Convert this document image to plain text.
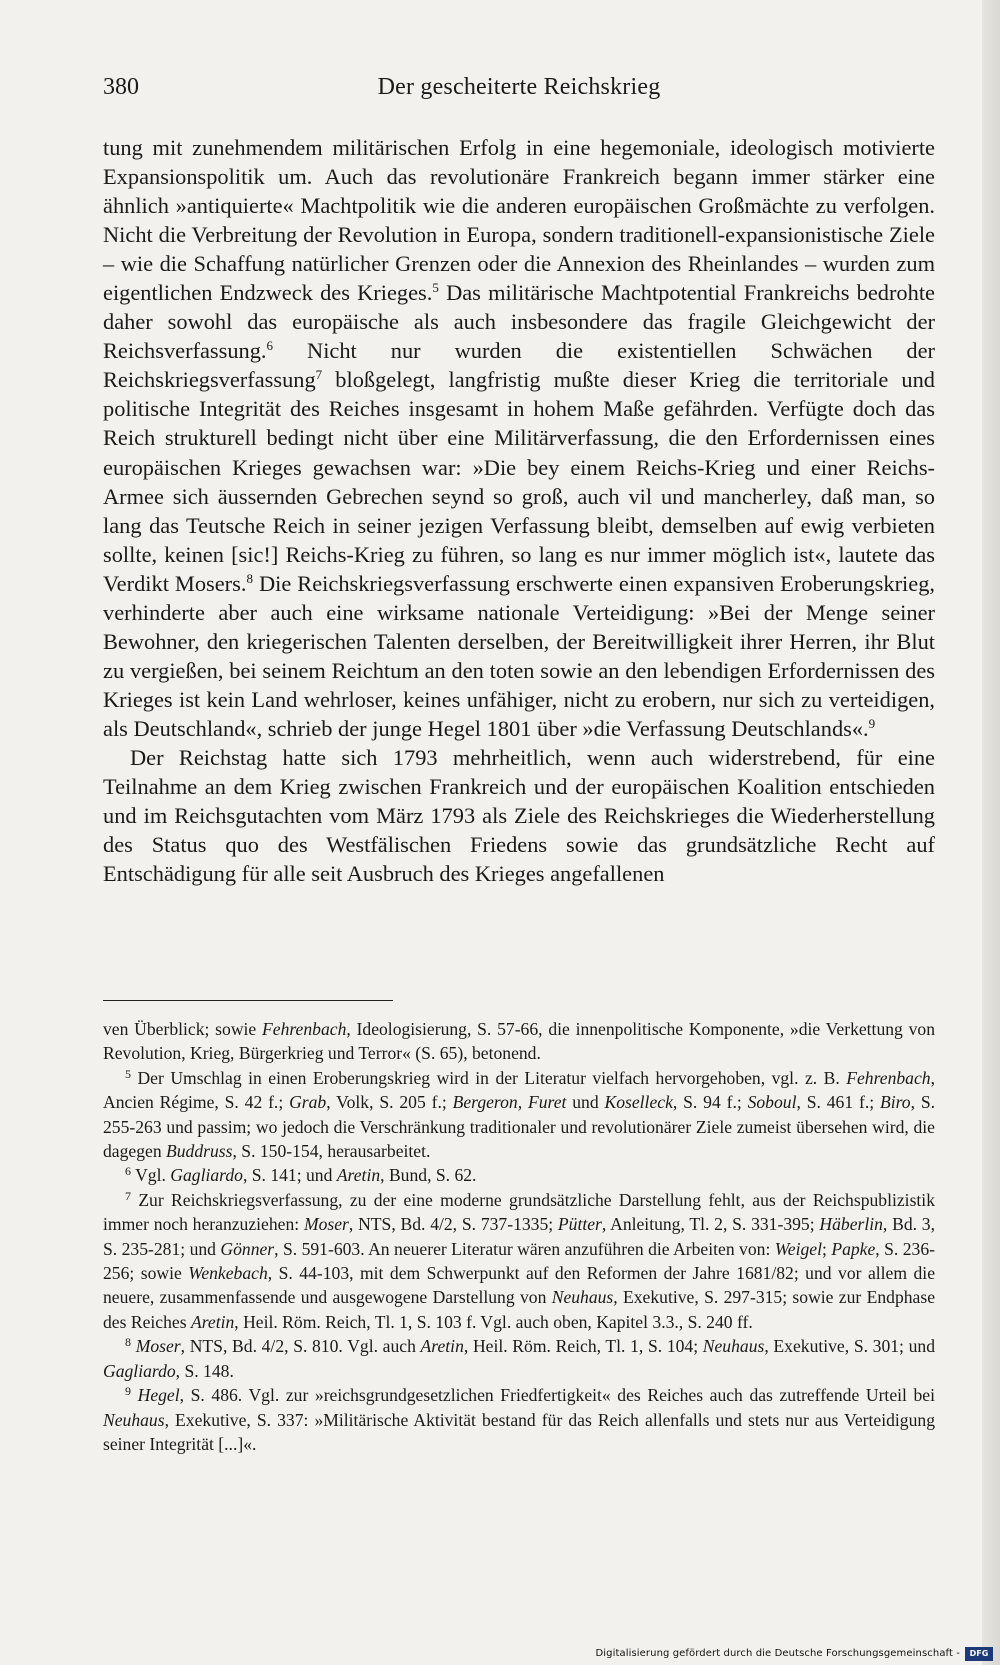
380	Der gescheiterte Reichskrieg

tung mit zunehmendem militärischen Erfolg in eine hegemoniale, ideologisch motivierte Expansionspolitik um. Auch das revolutionäre Frankreich begann immer stärker eine ähnlich »antiquierte« Machtpolitik wie die anderen europäischen Großmächte zu verfolgen. Nicht die Verbreitung der Revolution in Europa, sondern traditionell-expansionistische Ziele – wie die Schaffung natürlicher Grenzen oder die Annexion des Rheinlandes – wurden zum eigentlichen Endzweck des Krieges.$^5$ Das militärische Machtpotential Frankreichs bedrohte daher sowohl das europäische als auch insbesondere das fragile Gleichgewicht der Reichsverfassung.$^6$ Nicht nur wurden die existentiellen Schwächen der Reichskriegsverfassung$^7$ bloßgelegt, langfristig mußte dieser Krieg die territoriale und politische Integrität des Reiches insgesamt in hohem Maße gefährden. Verfügte doch das Reich strukturell bedingt nicht über eine Militärverfassung, die den Erfordernissen eines europäischen Krieges gewachsen war: »Die bey einem Reichs-Krieg und einer Reichs-Armee sich äussernden Gebrechen seynd so groß, auch vil und mancherley, daß man, so lang das Teutsche Reich in seiner jezigen Verfassung bleibt, demselben auf ewig verbieten sollte, keinen [sic!] Reichs-Krieg zu führen, so lang es nur immer möglich ist«, lautete das Verdikt Mosers.$^8$ Die Reichskriegsverfassung erschwerte einen expansiven Eroberungskrieg, verhinderte aber auch eine wirksame nationale Verteidigung: »Bei der Menge seiner Bewohner, den kriegerischen Talenten derselben, der Bereitwilligkeit ihrer Herren, ihr Blut zu vergießen, bei seinem Reichtum an den toten sowie an den lebendigen Erfordernissen des Krieges ist kein Land wehrloser, keines unfähiger, nicht zu erobern, nur sich zu verteidigen, als Deutschland«, schrieb der junge Hegel 1801 über »die Verfassung Deutschlands«.$^9$

Der Reichstag hatte sich 1793 mehrheitlich, wenn auch widerstrebend, für eine Teilnahme an dem Krieg zwischen Frankreich und der europäischen Koalition entschieden und im Reichsgutachten vom März 1793 als Ziele des Reichskrieges die Wiederherstellung des Status quo des Westfälischen Friedens sowie das grundsätzliche Recht auf Entschädigung für alle seit Ausbruch des Krieges angefallenen

ven Überblick; sowie Fehrenbach, Ideologisierung, S. 57-66, die innenpolitische Komponente, »die Verkettung von Revolution, Krieg, Bürgerkrieg und Terror« (S. 65), betonend.

$^5$ Der Umschlag in einen Eroberungskrieg wird in der Literatur vielfach hervorgehoben, vgl. z. B. Fehrenbach, Ancien Régime, S. 42 f.; Grab, Volk, S. 205 f.; Bergeron, Furet und Koselleck, S. 94 f.; Soboul, S. 461 f.; Biro, S. 255-263 und passim; wo jedoch die Verschränkung traditionaler und revolutionärer Ziele zumeist übersehen wird, die dagegen Buddruss, S. 150-154, herausarbeitet.

$^6$ Vgl. Gagliardo, S. 141; und Aretin, Bund, S. 62.

$^7$ Zur Reichskriegsverfassung, zu der eine moderne grundsätzliche Darstellung fehlt, aus der Reichspublizistik immer noch heranzuziehen: Moser, NTS, Bd. 4/2, S. 737-1335; Pütter, Anleitung, Tl. 2, S. 331-395; Häberlin, Bd. 3, S. 235-281; und Gönner, S. 591-603. An neuerer Literatur wären anzuführen die Arbeiten von: Weigel; Papke, S. 236-256; sowie Wenkebach, S. 44-103, mit dem Schwerpunkt auf den Reformen der Jahre 1681/82; und vor allem die neuere, zusammenfassende und ausgewogene Darstellung von Neuhaus, Exekutive, S. 297-315; sowie zur Endphase des Reiches Aretin, Heil. Röm. Reich, Tl. 1, S. 103 f. Vgl. auch oben, Kapitel 3.3., S. 240 ff.

$^8$ Moser, NTS, Bd. 4/2, S. 810. Vgl. auch Aretin, Heil. Röm. Reich, Tl. 1, S. 104; Neuhaus, Exekutive, S. 301; und Gagliardo, S. 148.

$^9$ Hegel, S. 486. Vgl. zur »reichsgrundgesetzlichen Friedfertigkeit« des Reiches auch das zutreffende Urteil bei Neuhaus, Exekutive, S. 337: »Militärische Aktivität bestand für das Reich allenfalls und stets nur aus Verteidigung seiner Integrität [...]«.

Digitalisierung gefördert durch die Deutsche Forschungsgemeinschaft -	DFG
